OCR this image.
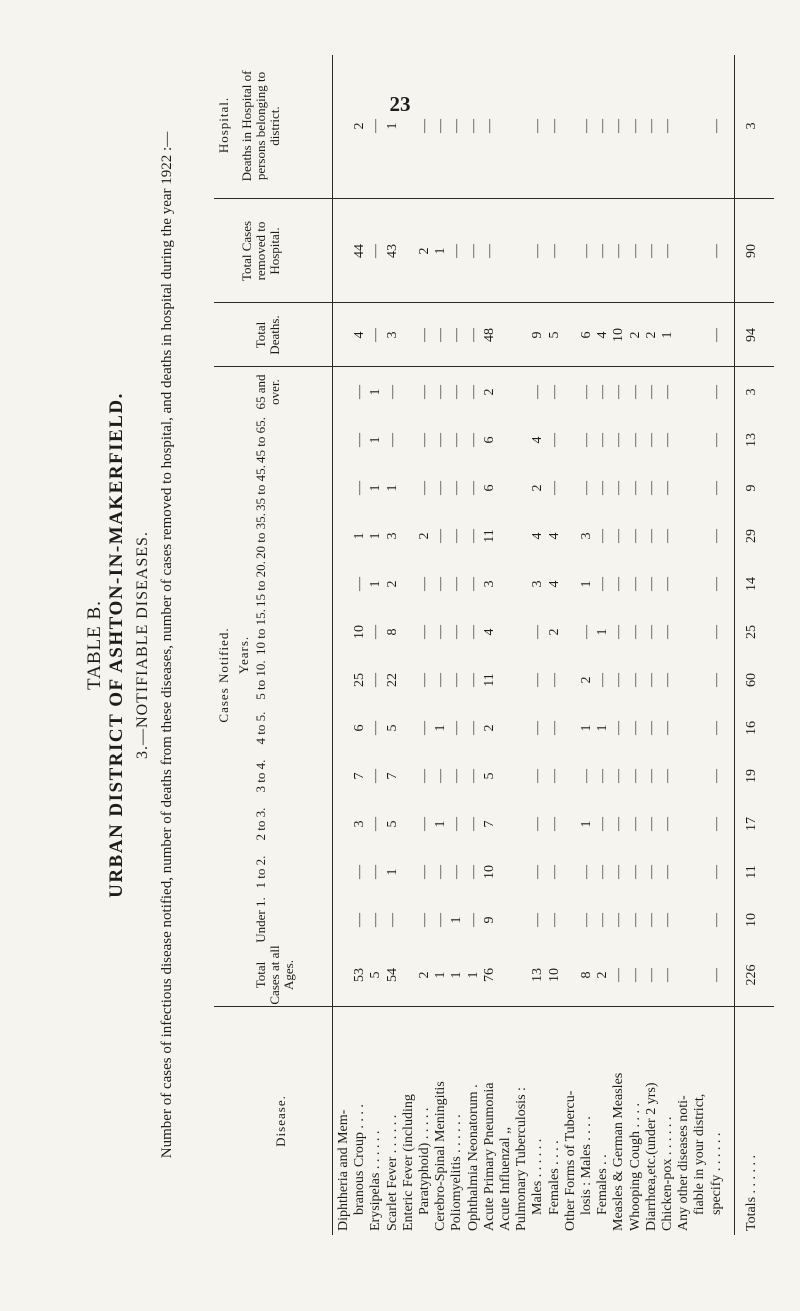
23
TABLE B. URBAN DISTRICT OF ASHTON-IN-MAKERFIELD. 3.—NOTIFIABLE DISEASES. Number of cases of infectious disease notified, number of deaths from these diseases, number of cases removed to hospital, and deaths in hospital during the year 1922 :—	Cases Notified. Years.
Hospital.
Disease.
Total Cases at all Ages.
Under 1.
1 to 2.
2 to 3.
3 to 4.
4 to 5.
5 to 10.
10 to 15.
15 to 20.
20 to 35.
35 to 45.
45 to 65.
65 and over.
Total Deaths.
Total Cases removed to Hospital.
Deaths in Hospital of persons belonging to district.
Diphtheria and Mem- branous Croup . . . .
53
—
—
3
7
6
25
10
—
1
—
—
—
4
44
2
Erysipelas . . . . . .
5
—
—
—
—
—
—
—
1
1
1
1
1
—
—
—
Scarlet Fever . . . . . .
54
—
1
5
7
5
22
8
2
3
1
—
—
3
43
1
Enteric Fever (including Paratyphoid) . . . . .
2
—
—
—
—
—
—
—
—
2
—
—
—
—
2
—
Cerebro-Spinal Meningitis
1
—
—
1
—
1
—
—
—
—
—
—
—
—
1
—
Poliomyelitis . . . . . .
1
1
—
—
—
—
—
—
—
—
—
—
—
—
—
—
Ophthalmia Neonatorum .
1
—
—
—
—
—
—
—
—
—
—
—
—
—
—
—
Acute Primary Pneumonia
76
9
10
7
5
2
11
4
3
11
6
6
2
48
—
—
Acute Influenzal ,, Pulmonary Tuberculosis : Males . . . . . .
13
—
—
—
—
—
—
—
3
4
2
4
—
9
—
—
Females . . . .
10
—
—
—
—
—
—
2
4
4
—
—
—
5
—
—
Other Forms of Tubercu- losis : Males . . . .
8
—
—
1
—
1
2
—
1
3
—
—
—
6
—
—
Females . .
2
—
—
—
—
1
—
1
—
—
—
—
—
4
—
—
Measles & German Measles
—
—
—
—
—
—
—
—
—
—
—
—
—
10
—
—
Whooping Cough . . . .
—
—
—
—
—
—
—
—
—
—
—
—
—
2
—
—
Diarrhœa,etc.(under 2 yrs)
—
—
—
—
—
—
—
—
—
—
—
—
—
2
—
—
Chicken-pox . . . . . .
—
—
—
—
—
—
—
—
—
—
—
—
—
1
—
—
Any other diseases noti- fiable in your district, specify . . . . . .
—
—
—
—
—
—
—
—
—
—
—
—
—
—
—
—
Totals . . . . . .
226
10
11
17
19
16
60
25
14
29
9
13
3
94
90
3
